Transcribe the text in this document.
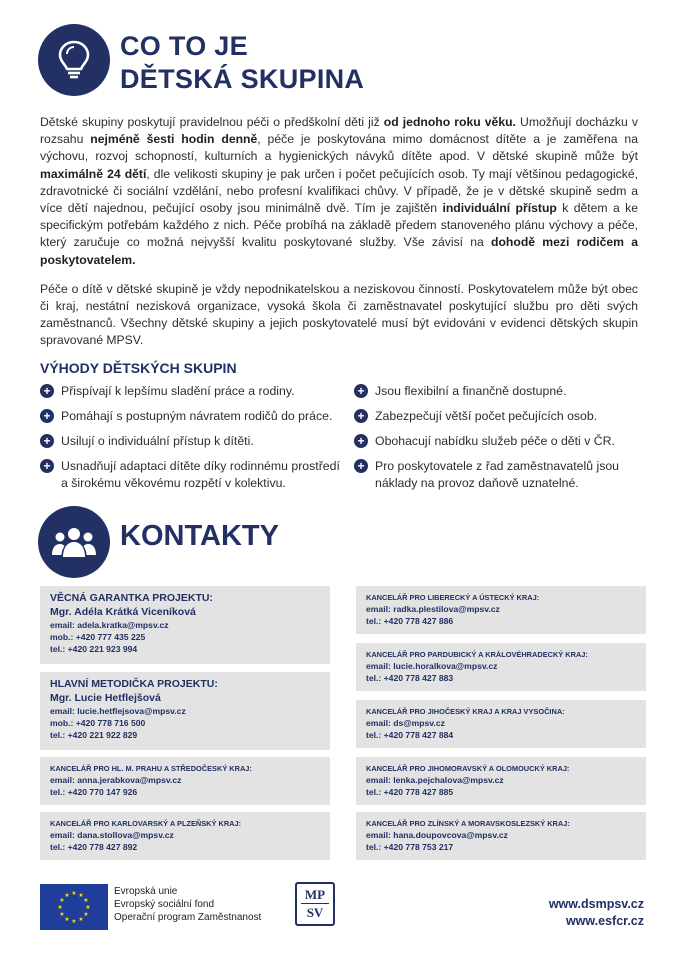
CO TO JE
DĚTSKÁ SKUPINA

Dětské skupiny poskytují pravidelnou péči o předškolní děti již od jednoho roku věku. Umožňují docházku v rozsahu nejméně šesti hodin denně, péče je poskytována mimo domácnost dítěte a je zaměřena na výchovu, rozvoj schopností, kulturních a hygienických návyků dítěte apod. V dětské skupině může být maximálně 24 dětí, dle velikosti skupiny je pak určen i počet pečujících osob. Ty mají většinou pedagogické, zdravotnické či sociální vzdělání, nebo profesní kvalifikaci chůvy. V případě, že je v dětské skupině sedm a více dětí najednou, pečující osoby jsou minimálně dvě. Tím je zajištěn individuální přístup k dětem a ke specifickým potřebám každého z nich. Péče probíhá na základě předem stanoveného plánu výchovy a péče, který zaručuje co možná nejvyšší kvalitu poskytované služby. Vše závisí na dohodě mezi rodičem a poskytovatelem.

Péče o dítě v dětské skupině je vždy nepodnikatelskou a neziskovou činností. Poskytovatelem může být obec či kraj, nestátní nezisková organizace, vysoká škola či zaměstnavatel poskytující službu pro děti svých zaměstnanců. Všechny dětské skupiny a jejich poskytovatelé musí být evidováni v evidenci dětských skupin spravované MPSV.

VÝHODY DĚTSKÝCH SKUPIN
+ Přispívají k lepšímu sladění práce a rodiny.
+ Pomáhají s postupným návratem rodičů do práce.
+ Usilují o individuální přístup k dítěti.
+ Usnadňují adaptaci dítěte díky rodinnému prostředí a širokému věkovému rozpětí v kolektivu.
+ Jsou flexibilní a finančně dostupné.
+ Zabezpečují větší počet pečujících osob.
+ Obohacují nabídku služeb péče o děti v ČR.
+ Pro poskytovatele z řad zaměstnavatelů jsou náklady na provoz daňově uznatelné.
KONTAKTY
VĚCNÁ GARANTKA PROJEKTU:
Mgr. Adéla Krátká Viceníková
email: adela.kratka@mpsv.cz
mob.: +420 777 435 225
tel.: +420 221 923 994
HLAVNÍ METODIČKA PROJEKTU:
Mgr. Lucie Hetflejšová
email: lucie.hetflejsova@mpsv.cz
mob.: +420 778 716 500
tel.: +420 221 922 829
KANCELÁŘ PRO HL. M. PRAHU A STŘEDOČESKÝ KRAJ:
email: anna.jerabkova@mpsv.cz
tel.: +420 770 147 926
KANCELÁŘ PRO KARLOVARSKÝ A PLZEŇSKÝ KRAJ:
email: dana.stollova@mpsv.cz
tel.: +420 778 427 892
KANCELÁŘ PRO LIBERECKÝ A ÚSTECKÝ KRAJ:
email: radka.plestilova@mpsv.cz
tel.: +420 778 427 886
KANCELÁŘ PRO PARDUBICKÝ A KRÁLOVÉHRADECKÝ KRAJ:
email: lucie.horalkova@mpsv.cz
tel.: +420 778 427 883
KANCELÁŘ PRO JIHOČESKÝ KRAJ A KRAJ VYSOČINA:
email: ds@mpsv.cz
tel.: +420 778 427 884
KANCELÁŘ PRO JIHOMORAVSKÝ A OLOMOUCKÝ KRAJ:
email: lenka.pejchalova@mpsv.cz
tel.: +420 778 427 885
KANCELÁŘ PRO ZLÍNSKÝ A MORAVSKOSLEZSKÝ KRAJ:
email: hana.doupovcova@mpsv.cz
tel.: +420 778 753 217
★ ★
★
★
★
★
★
★
★
★
★
★	Evropská unie
Evropský sociální fond
Operační program Zaměstnanost
MP
SV
www.dsmpsv.cz
www.esfcr.cz
